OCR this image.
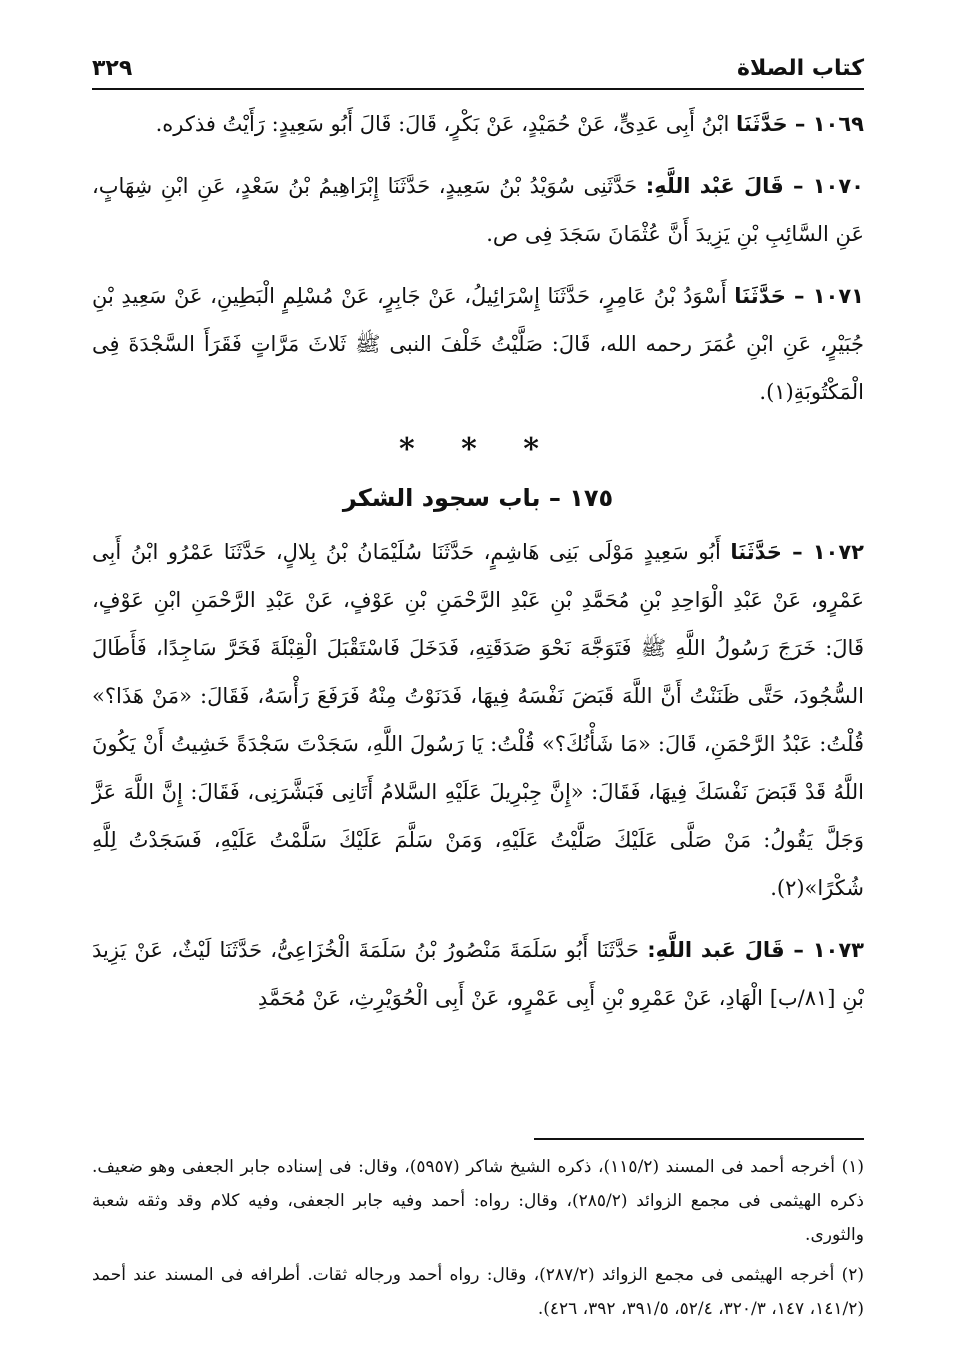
كتاب الصلاة
٣٢٩

١٠٦٩ – حَدَّثَنَا ابْنُ أَبِى عَدِىٍّ، عَنْ حُمَيْدٍ، عَنْ بَكْرٍ، قَالَ: قَالَ أَبُو سَعِيدٍ: رَأَيْتُ فذكره.

١٠٧٠ – قَالَ عَبْد اللَّهِ: حَدَّثَنِى سُوَيْدُ بْنُ سَعِيدٍ، حَدَّثَنَا إِبْرَاهِيمُ بْنُ سَعْدٍ، عَنِ ابْنِ شِهَابٍ، عَنِ السَّائِبِ بْنِ يَزِيدَ أَنَّ عُثْمَانَ سَجَدَ فِى ص.

١٠٧١ – حَدَّثَنَا أَسْوَدُ بْنُ عَامِرٍ، حَدَّثَنَا إِسْرَائِيلُ، عَنْ جَابِرٍ، عَنْ مُسْلِمٍ الْبَطِينِ، عَنْ سَعِيدِ بْنِ جُبَيْرٍ، عَنِ ابْنِ عُمَرَ رحمه الله، قَالَ: صَلَّيْتُ خَلْفَ النبى ﷺ ثَلاثَ مَرَّاتٍ فَقَرَأَ السَّجْدَةَ فِى الْمَكْتُوبَةِ(١).

* * *
١٧٥ – باب سجود الشكر

١٠٧٢ – حَدَّثَنَا أَبُو سَعِيدٍ مَوْلَى بَنِى هَاشِمٍ، حَدَّثَنَا سُلَيْمَانُ بْنُ بِلالٍ، حَدَّثَنَا عَمْرُو ابْنُ أَبِى عَمْرٍو، عَنْ عَبْدِ الْوَاحِدِ بْنِ مُحَمَّدِ بْنِ عَبْدِ الرَّحْمَنِ بْنِ عَوْفٍ، عَنْ عَبْدِ الرَّحْمَنِ ابْنِ عَوْفٍ، قَالَ: خَرَجَ رَسُولُ اللَّهِ ﷺ فَتَوَجَّهَ نَحْوَ صَدَقَتِهِ، فَدَخَلَ فَاسْتَقْبَلَ الْقِبْلَةَ فَخَرَّ سَاجِدًا، فَأَطَالَ السُّجُودَ، حَتَّى ظَنَنْتُ أَنَّ اللَّهَ قَبَضَ نَفْسَهُ فِيهَا، فَدَنَوْتُ مِنْهُ فَرَفَعَ رَأْسَهُ، فَقَالَ: «مَنْ هَذَا؟» قُلْتُ: عَبْدُ الرَّحْمَنِ، قَالَ: «مَا شَأْنُكَ؟» قُلْتُ: يَا رَسُولَ اللَّهِ، سَجَدْتَ سَجْدَةً خَشِيتُ أَنْ يَكُونَ اللَّهُ قَدْ قَبَضَ نَفْسَكَ فِيهَا، فَقَالَ: «إِنَّ جِبْرِيلَ عَلَيْهِ السَّلامُ أَتَانِى فَبَشَّرَنِى، فَقَالَ: إِنَّ اللَّهَ عَزَّ وَجَلَّ يَقُولُ: مَنْ صَلَّى عَلَيْكَ صَلَّيْتُ عَلَيْهِ، وَمَنْ سَلَّمَ عَلَيْكَ سَلَّمْتُ عَلَيْهِ، فَسَجَدْتُ لِلَّهِ شُكْرًا»(٢).

١٠٧٣ – قَالَ عَبد اللَّهِ: حَدَّثَنَا أَبُو سَلَمَةَ مَنْصُورُ بْنُ سَلَمَةَ الْخُزَاعِىُّ، حَدَّثَنَا لَيْثٌ، عَنْ يَزِيدَ بْنِ [٨١/ب] الْهَادِ، عَنْ عَمْرِو بْنِ أَبِى عَمْرٍو، عَنْ أَبِى الْحُوَيْرِثِ، عَنْ مُحَمَّدِ

(١) أخرجه أحمد فى المسند (١١٥/٢)، ذكره الشيخ شاكر (٥٩٥٧)، وقال: فى إسناده جابر الجعفى وهو ضعيف. ذكره الهيثمى فى مجمع الزوائد (٢٨٥/٢)، وقال: رواه: أحمد وفيه جابر الجعفى، وفيه كلام وقد وثقه شعبة والثورى.

(٢) أخرجه الهيثمى فى مجمع الزوائد (٢٨٧/٢)، وقال: رواه أحمد ورجاله ثقات. أطرافه فى المسند عند أحمد (١٤١/٢، ١٤٧، ٣٢٠/٣، ٥٢/٤، ٣٩١/٥، ٣٩٢، ٤٢٦).
